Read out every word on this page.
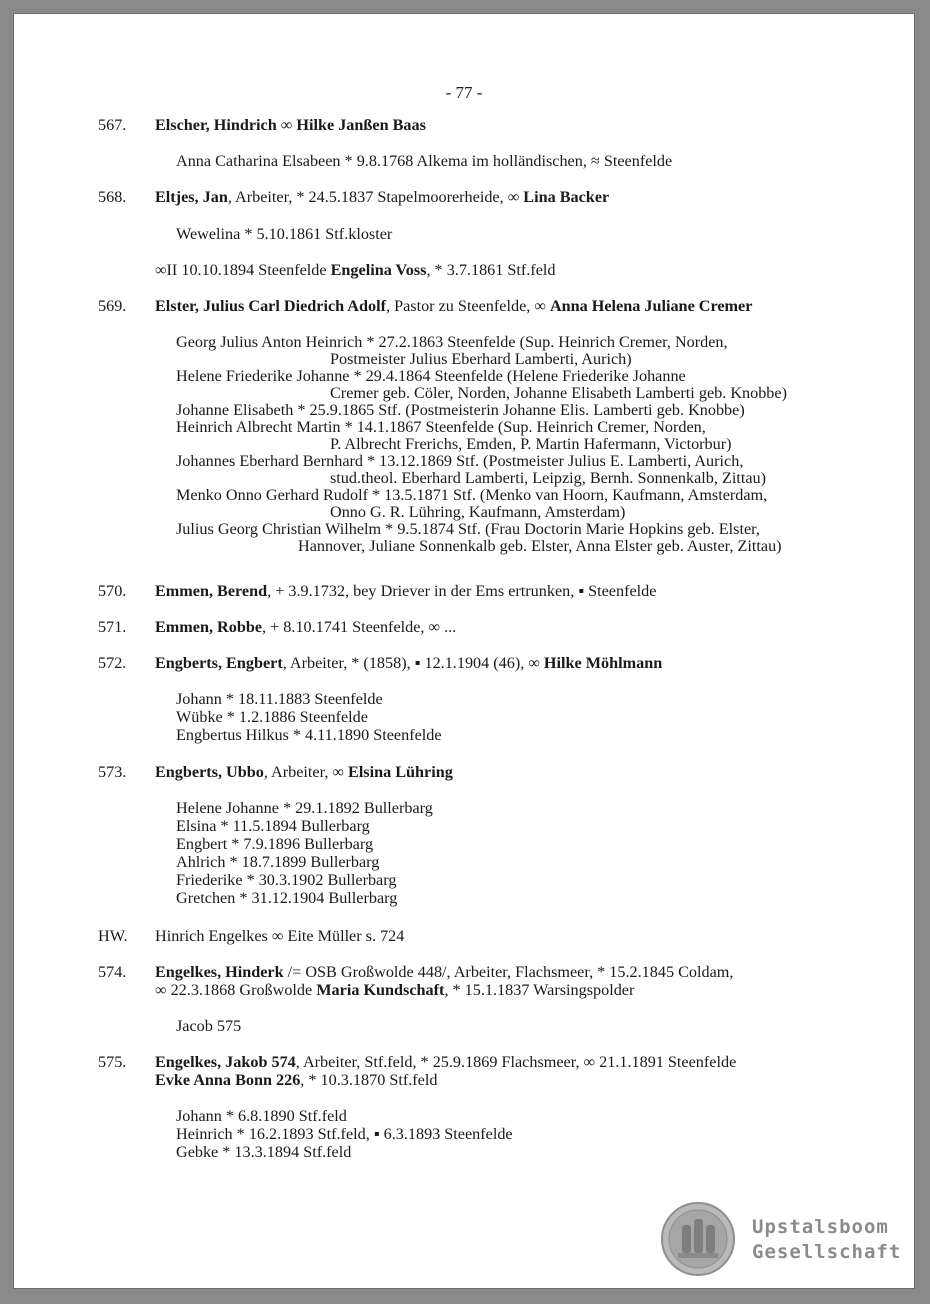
- 77 -
567. Elscher, Hindrich ∞ Hilke Janßen Baas
Anna Catharina Elsabeen * 9.8.1768 Alkema im holländischen, ≈ Steenfelde
568. Eltjes, Jan, Arbeiter, * 24.5.1837 Stapelmoorerheide, ∞ Lina Backer
Wewelina * 5.10.1861 Stf.kloster
∞II 10.10.1894 Steenfelde Engelina Voss, * 3.7.1861 Stf.feld
569. Elster, Julius Carl Diedrich Adolf, Pastor zu Steenfelde, ∞ Anna Helena Juliane Cremer
Georg Julius Anton Heinrich * 27.2.1863 Steenfelde (Sup. Heinrich Cremer, Norden,
Postmeister Julius Eberhard Lamberti, Aurich)
Helene Friederike Johanne * 29.4.1864 Steenfelde (Helene Friederike Johanne
Cremer geb. Cöler, Norden, Johanne Elisabeth Lamberti geb. Knobbe)
Johanne Elisabeth * 25.9.1865 Stf. (Postmeisterin Johanne Elis. Lamberti geb. Knobbe)
Heinrich Albrecht Martin * 14.1.1867 Steenfelde (Sup. Heinrich Cremer, Norden,
P. Albrecht Frerichs, Emden, P. Martin Hafermann, Victorbur)
Johannes Eberhard Bernhard * 13.12.1869 Stf. (Postmeister Julius E. Lamberti, Aurich,
stud.theol. Eberhard Lamberti, Leipzig, Bernh. Sonnenkalb, Zittau)
Menko Onno Gerhard Rudolf * 13.5.1871 Stf. (Menko van Hoorn, Kaufmann, Amsterdam,
Onno G. R. Lühring, Kaufmann, Amsterdam)
Julius Georg Christian Wilhelm * 9.5.1874 Stf. (Frau Doctorin Marie Hopkins geb. Elster,
Hannover, Juliane Sonnenkalb geb. Elster, Anna Elster geb. Auster, Zittau)
570. Emmen, Berend, + 3.9.1732, bey Driever in der Ems ertrunken, ▪ Steenfelde
571. Emmen, Robbe, + 8.10.1741 Steenfelde, ∞ ...
572. Engberts, Engbert, Arbeiter, * (1858), ▪ 12.1.1904 (46), ∞ Hilke Möhlmann
Johann * 18.11.1883 Steenfelde
Wübke * 1.2.1886 Steenfelde
Engbertus Hilkus * 4.11.1890 Steenfelde
573. Engberts, Ubbo, Arbeiter, ∞ Elsina Lühring
Helene Johanne * 29.1.1892 Bullerbarg
Elsina * 11.5.1894 Bullerbarg
Engbert * 7.9.1896 Bullerbarg
Ahlrich * 18.7.1899 Bullerbarg
Friederike * 30.3.1902 Bullerbarg
Gretchen * 31.12.1904 Bullerbarg
HW. Hinrich Engelkes ∞ Eite Müller s. 724
574. Engelkes, Hinderk /= OSB Großwolde 448/, Arbeiter, Flachsmeer, * 15.2.1845 Coldam,
∞ 22.3.1868 Großwolde Maria Kundschaft, * 15.1.1837 Warsingspolder
Jacob 575
575. Engelkes, Jakob 574, Arbeiter, Stf.feld, * 25.9.1869 Flachsmeer, ∞ 21.1.1891 Steenfelde
Evke Anna Bonn 226, * 10.3.1870 Stf.feld
Johann * 6.8.1890 Stf.feld
Heinrich * 16.2.1893 Stf.feld, ▪ 6.3.1893 Steenfelde
Gebke * 13.3.1894 Stf.feld
Upstalsboom
Gesellschaft
